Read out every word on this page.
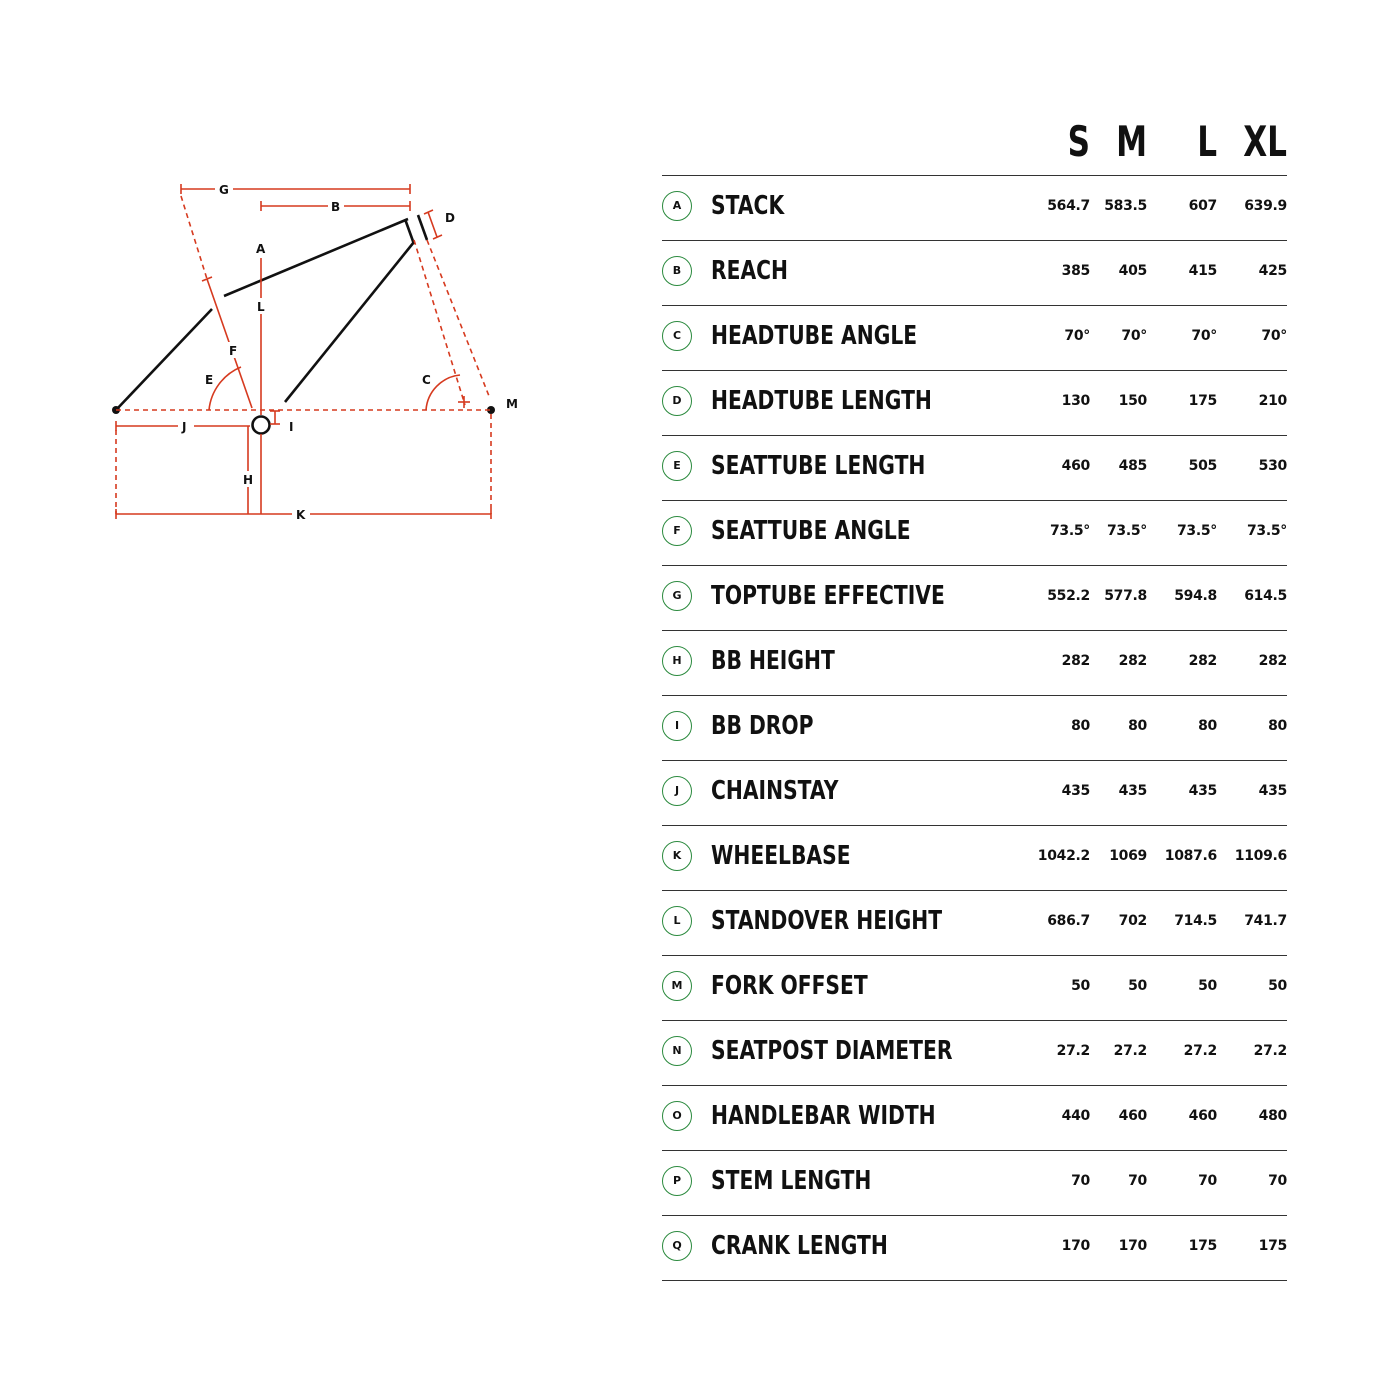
G
B
D
A
L
F
E	C
M
J	I
H
K
S M	L XL
A	STACK	564.7	583.5	607	639.9
B	REACH	385	405	415	425
C	HEADTUBE ANGLE	70°	70°	70°	70°
D	HEADTUBE LENGTH	130	150	175	210
E	SEATTUBE LENGTH	460	485	505	530
F	SEATTUBE ANGLE	73.5°	73.5°	73.5°	73.5°
G	TOPTUBE EFFECTIVE	552.2	577.8	594.8	614.5
H	BB HEIGHT	282	282	282	282
I	BB DROP	80	80	80	80
J	CHAINSTAY	435	435	435	435
K	WHEELBASE	1042.2	1069	1087.6	1109.6
L	STANDOVER HEIGHT	686.7	702	714.5	741.7
M	FORK OFFSET	50	50	50	50
N	SEATPOST DIAMETER	27.2	27.2	27.2	27.2
O	HANDLEBAR WIDTH	440	460	460	480
P	STEM LENGTH	70	70	70	70
Q	CRANK LENGTH	170	170	175	175
